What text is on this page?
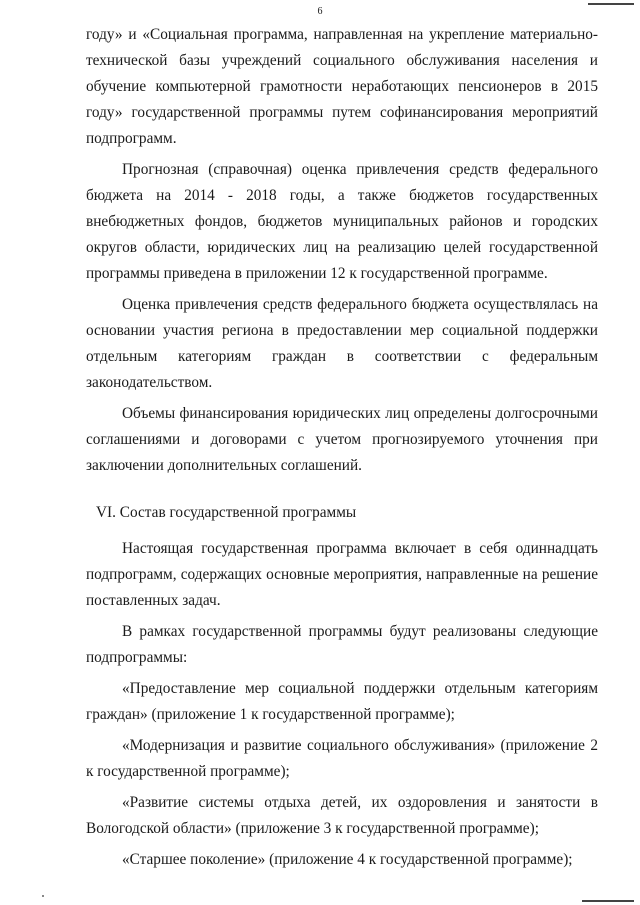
6

году» и «Социальная программа, направленная на укрепление материально-технической базы учреждений социального обслуживания населения и обучение компьютерной грамотности неработающих пенсионеров в 2015 году» государственной программы путем софинансирования мероприятий подпрограмм.

Прогнозная (справочная) оценка привлечения средств федерального бюджета на 2014 - 2018 годы, а также бюджетов государственных внебюджетных фондов, бюджетов муниципальных районов и городских округов области, юридических лиц на реализацию целей государственной программы приведена в приложении 12 к государственной программе.

Оценка привлечения средств федерального бюджета осуществлялась на основании участия региона в предоставлении мер социальной поддержки отдельным категориям граждан в соответствии с федеральным законодательством.

Объемы финансирования юридических лиц определены долгосрочными соглашениями и договорами с учетом прогнозируемого уточнения при заключении дополнительных соглашений.

VI. Состав государственной программы

Настоящая государственная программа включает в себя одиннадцать подпрограмм, содержащих основные мероприятия, направленные на решение поставленных задач.

В рамках государственной программы будут реализованы следующие подпрограммы:

«Предоставление мер социальной поддержки отдельным категориям граждан» (приложение 1 к государственной программе);

«Модернизация и развитие социального обслуживания» (приложение 2 к государственной программе);

«Развитие системы отдыха детей, их оздоровления и занятости в Вологодской области» (приложение 3 к государственной программе);

«Старшее поколение» (приложение 4 к государственной программе);
